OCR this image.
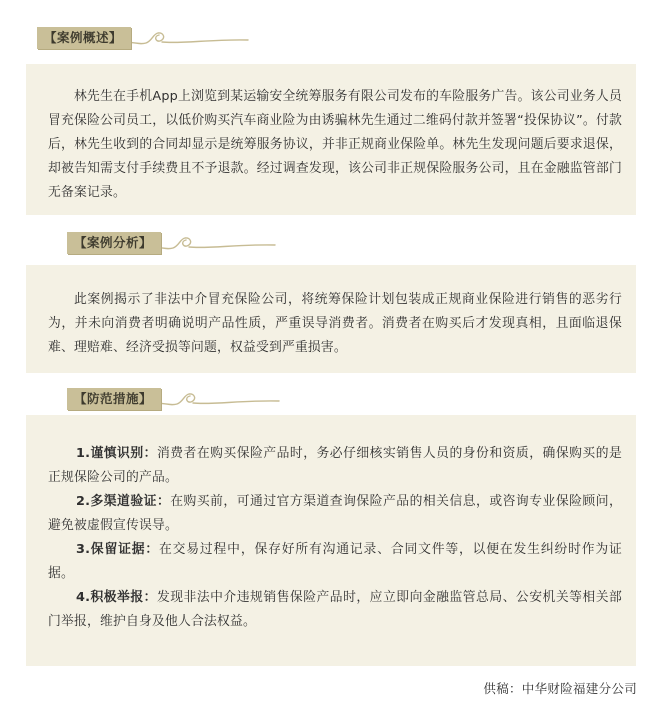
【案例概述】

林先生在手机App上浏览到某运输安全统筹服务有限公司发布的车险服务广告。该公司业务人员冒充保险公司员工，以低价购买汽车商业险为由诱骗林先生通过二维码付款并签署“投保协议”。付款后，林先生收到的合同却显示是统筹服务协议，并非正规商业保险单。林先生发现问题后要求退保，却被告知需支付手续费且不予退款。经过调查发现，该公司非正规保险服务公司，且在金融监管部门无备案记录。

【案例分析】

此案例揭示了非法中介冒充保险公司，将统筹保险计划包装成正规商业保险进行销售的恶劣行为，并未向消费者明确说明产品性质，严重误导消费者。消费者在购买后才发现真相，且面临退保难、理赔难、经济受损等问题，权益受到严重损害。

【防范措施】

1.谨慎识别：消费者在购买保险产品时，务必仔细核实销售人员的身份和资质，确保购买的是正规保险公司的产品。

2.多渠道验证：在购买前，可通过官方渠道查询保险产品的相关信息，或咨询专业保险顾问，避免被虚假宣传误导。

3.保留证据：在交易过程中，保存好所有沟通记录、合同文件等，以便在发生纠纷时作为证据。

4.积极举报：发现非法中介违规销售保险产品时，应立即向金融监管总局、公安机关等相关部门举报，维护自身及他人合法权益。

供稿：中华财险福建分公司
